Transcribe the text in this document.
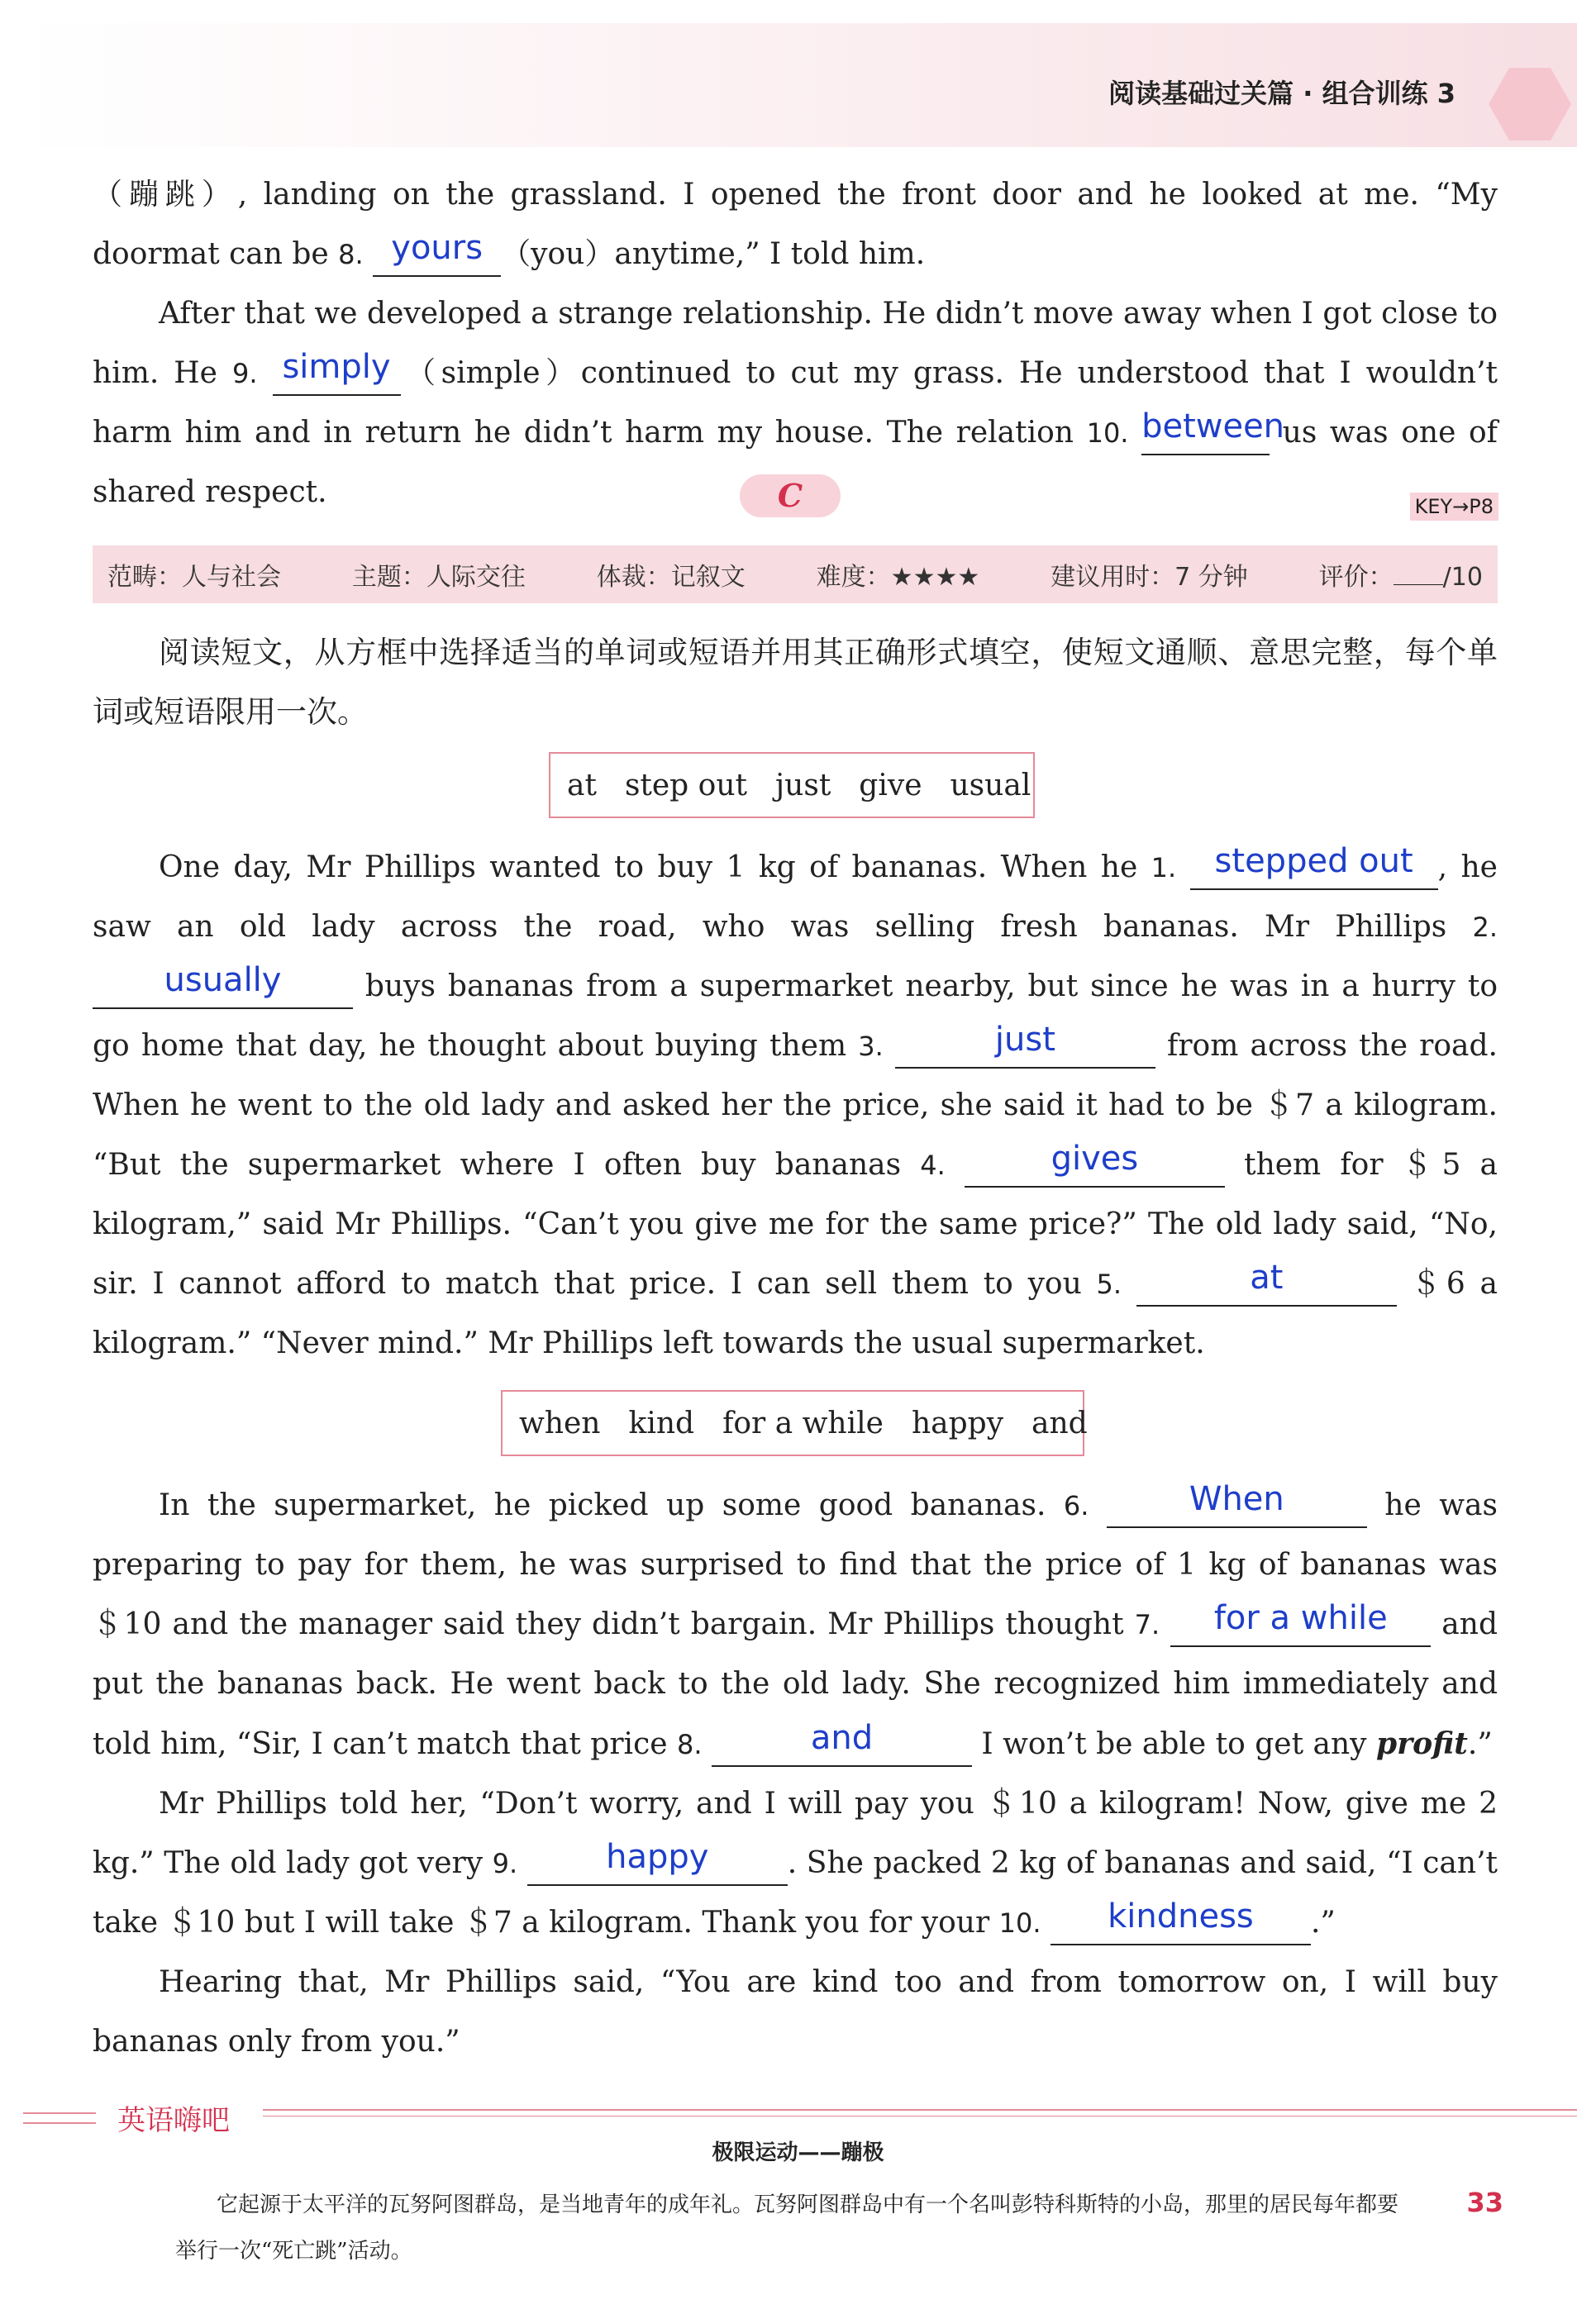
阅读基础过关篇 · 组合训练 3

（蹦跳）, landing on the grassland. I opened the front door and he looked at me. “My doormat can be 8. yours （you）anytime,” I told him.

After that we developed a strange relationship. He didn’t move away when I got close to him. He 9. simply （simple）continued to cut my grass. He understood that I wouldn’t harm him and in return he didn’t harm my house. The relation 10. between us was one of shared respect.	C	KEY→P8
范畴：人与社会	主题：人际交往	体裁：记叙文	难度：★★★★	建议用时：7 分钟	评价： /10

阅读短文，从方框中选择适当的单词或短语并用其正确形式填空，使短文通顺、意思完整，每个单词或短语限用一次。

at step out just give usual

One day, Mr Phillips wanted to buy 1 kg of bananas. When he 1. stepped out , he saw an old lady across the road, who was selling fresh bananas. Mr Phillips 2. usually buys bananas from a supermarket nearby, but since he was in a hurry to go home that day, he thought about buying them 3.	just	from across the road. When he went to the old lady and asked her the price, she said it had to be ＄7 a kilogram. “But the supermarket where I often buy bananas 4.	gives	them for ＄5 a kilogram,” said Mr Phillips. “Can’t you give me for the same price?” The old lady said, “No, sir. I cannot afford to match that price. I can sell them to you 5.	at	＄6 a kilogram.” “Never mind.” Mr Phillips left towards the usual supermarket.

when kind for a while happy and

In the supermarket, he picked up some good bananas. 6.	When	he was preparing to pay for them, he was surprised to find that the price of 1 kg of bananas was ＄10 and the manager said they didn’t bargain. Mr Phillips thought 7. for a while and put the bananas back. He went back to the old lady. She recognized him immediately and told him, “Sir, I can’t match that price 8.	and	I won’t be able to get any profit.”

Mr Phillips told her, “Don’t worry, and I will pay you ＄10 a kilogram! Now, give me 2 kg.” The old lady got very 9.	happy	. She packed 2 kg of bananas and said, “I can’t take ＄10 but I will take ＄7 a kilogram. Thank you for your 10. kindness .”

Hearing that, Mr Phillips said, “You are kind too and from tomorrow on, I will buy bananas only from you.”

英语嗨吧
极限运动——蹦极
它起源于太平洋的瓦努阿图群岛，是当地青年的成年礼。瓦努阿图群岛中有一个名叫彭特科斯特的小岛，那里的居民每年都要举行一次“死亡跳”活动。
33
